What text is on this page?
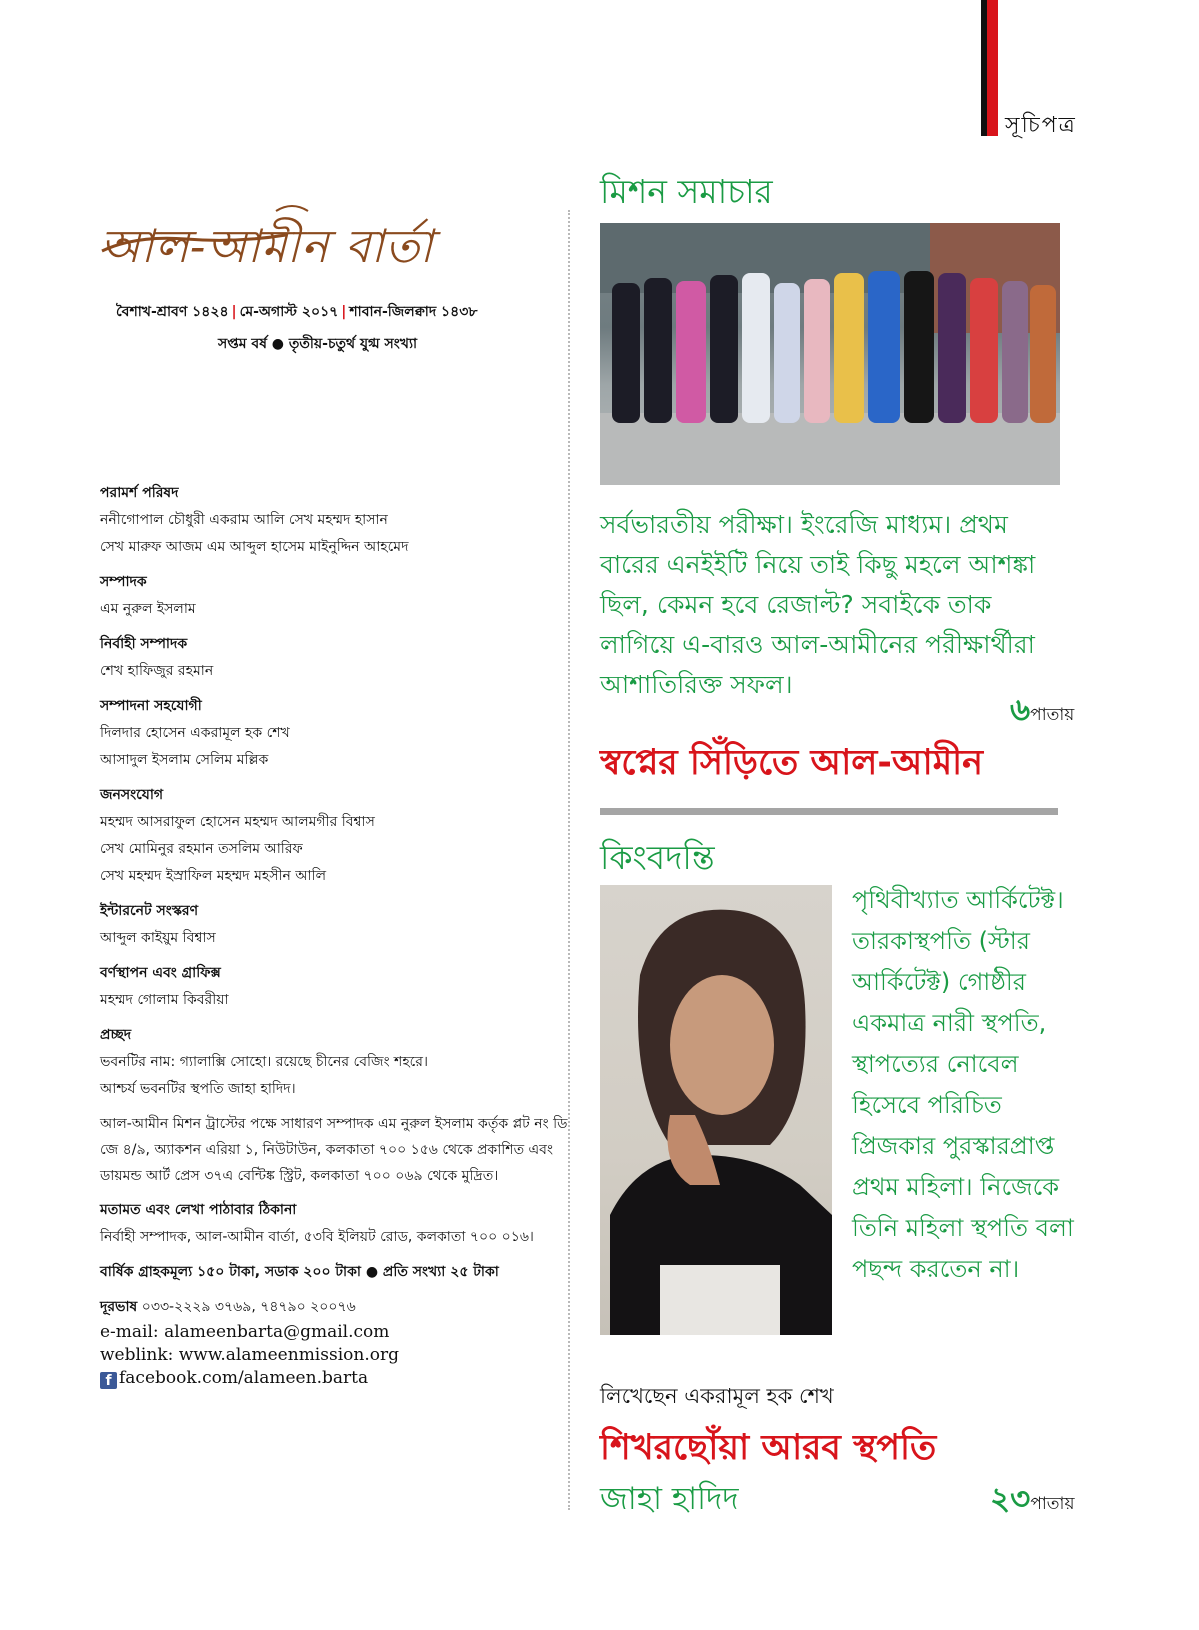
সূচিপত্র
আল-আমীন বার্তা
বৈশাখ-শ্রাবণ ১৪২৪ | মে-অগাস্ট ২০১৭ | শাবান-জিলক্বাদ ১৪৩৮
সপ্তম বর্ষ ● তৃতীয়-চতুর্থ যুগ্ম সংখ্যা
পরামর্শ পরিষদ
ননীগোপাল চৌধুরী একরাম আলি সেখ মহম্মদ হাসান
সেখ মারুফ আজম এম আব্দুল হাসেম মাইনুদ্দিন আহমেদ
সম্পাদক
এম নুরুল ইসলাম
নির্বাহী সম্পাদক
শেখ হাফিজুর রহমান
সম্পাদনা সহযোগী
দিলদার হোসেন একরামূল হক শেখ
আসাদুল ইসলাম সেলিম মল্লিক
জনসংযোগ
মহম্মদ আসরাফুল হোসেন মহম্মদ আলমগীর বিশ্বাস
সেখ মোমিনুর রহমান তসলিম আরিফ
সেখ মহম্মদ ইস্রাফিল মহম্মদ মহসীন আলি
ইন্টারনেট সংস্করণ
আব্দুল কাইয়ুম বিশ্বাস
বর্ণস্থাপন এবং গ্রাফিক্স
মহম্মদ গোলাম কিবরীয়া
প্রচ্ছদ
ভবনটির নাম: গ্যালাক্সি সোহো। রয়েছে চীনের বেজিং শহরে।
আশ্চর্য ভবনটির স্থপতি জাহা হাদিদ।
আল-আমীন মিশন ট্রাস্টের পক্ষে সাধারণ সম্পাদক এম নুরুল ইসলাম কর্তৃক প্লট নং ডি জে ৪/৯, অ্যাকশন এরিয়া ১, নিউটাউন, কলকাতা ৭০০ ১৫৬ থেকে প্রকাশিত এবং ডায়মন্ড আর্ট প্রেস ৩৭এ বেন্টিঙ্ক স্ট্রিট, কলকাতা ৭০০ ০৬৯ থেকে মুদ্রিত।
মতামত এবং লেখা পাঠাবার ঠিকানা
নির্বাহী সম্পাদক, আল-আমীন বার্তা, ৫৩বি ইলিয়ট রোড, কলকাতা ৭০০ ০১৬।
বার্ষিক গ্রাহকমূল্য ১৫০ টাকা, সডাক ২০০ টাকা ● প্রতি সংখ্যা ২৫ টাকা
দূরভাষ ০৩৩-২২২৯ ৩৭৬৯, ৭৪৭৯০ ২০০৭৬
e-mail: alameenbarta@gmail.com
weblink: www.alameenmission.org
f facebook.com/alameen.barta
মিশন সমাচার
সর্বভারতীয় পরীক্ষা। ইংরেজি মাধ্যম। প্রথম বারের এনইইটি নিয়ে তাই কিছু মহলে আশঙ্কা ছিল, কেমন হবে রেজাল্ট? সবাইকে তাক লাগিয়ে এ-বারও আল-আমীনের পরীক্ষার্থীরা আশাতিরিক্ত সফল।
৬পাতায়
স্বপ্নের সিঁড়িতে আল-আমীন
কিংবদন্তি
পৃথিবীখ্যাত আর্কিটেক্ট। তারকাস্থপতি (স্টার আর্কিটেক্ট) গোষ্ঠীর একমাত্র নারী স্থপতি, স্থাপত্যের নোবেল হিসেবে পরিচিত প্রিজকার পুরস্কারপ্রাপ্ত প্রথম মহিলা। নিজেকে তিনি মহিলা স্থপতি বলা পছন্দ করতেন না।
লিখেছেন একরামূল হক শেখ
শিখরছোঁয়া আরব স্থপতি
জাহা হাদিদ	২৩পাতায়
